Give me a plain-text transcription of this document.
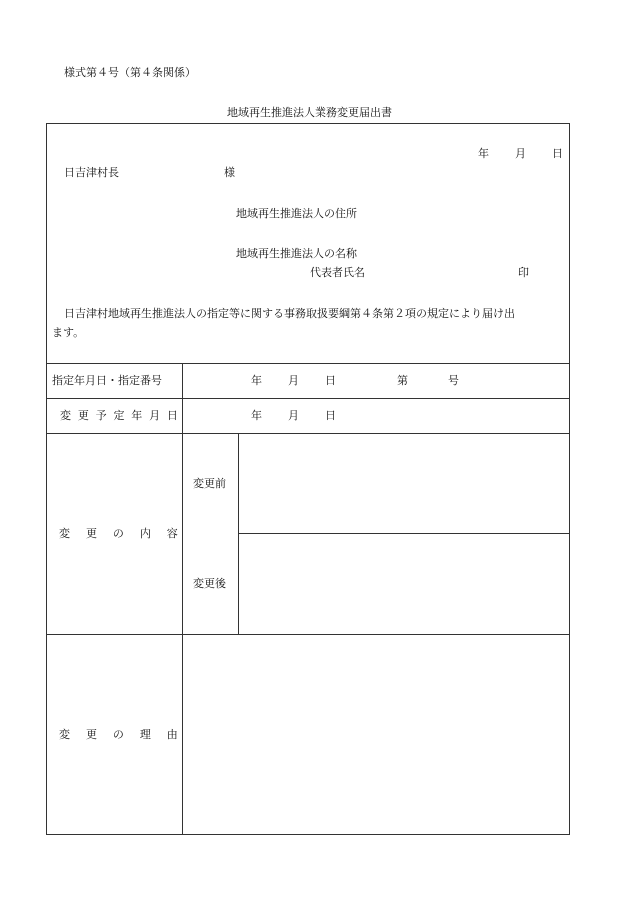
様式第４号（第４条関係）
地域再生推進法人業務変更届出書
年 月 日
日吉津村長	様
地域再生推進法人の住所
地域再生推進法人の名称
代表者氏名	印
日吉津村地域再生推進法人の指定等に関する事務取扱要綱第４条第２項の規定により届け出
ます。
指定年月日・指定番号	年 月 日	第	号
変更予定年月日	年 月 日
変更の内容
変更前
変更後
変更の理由
